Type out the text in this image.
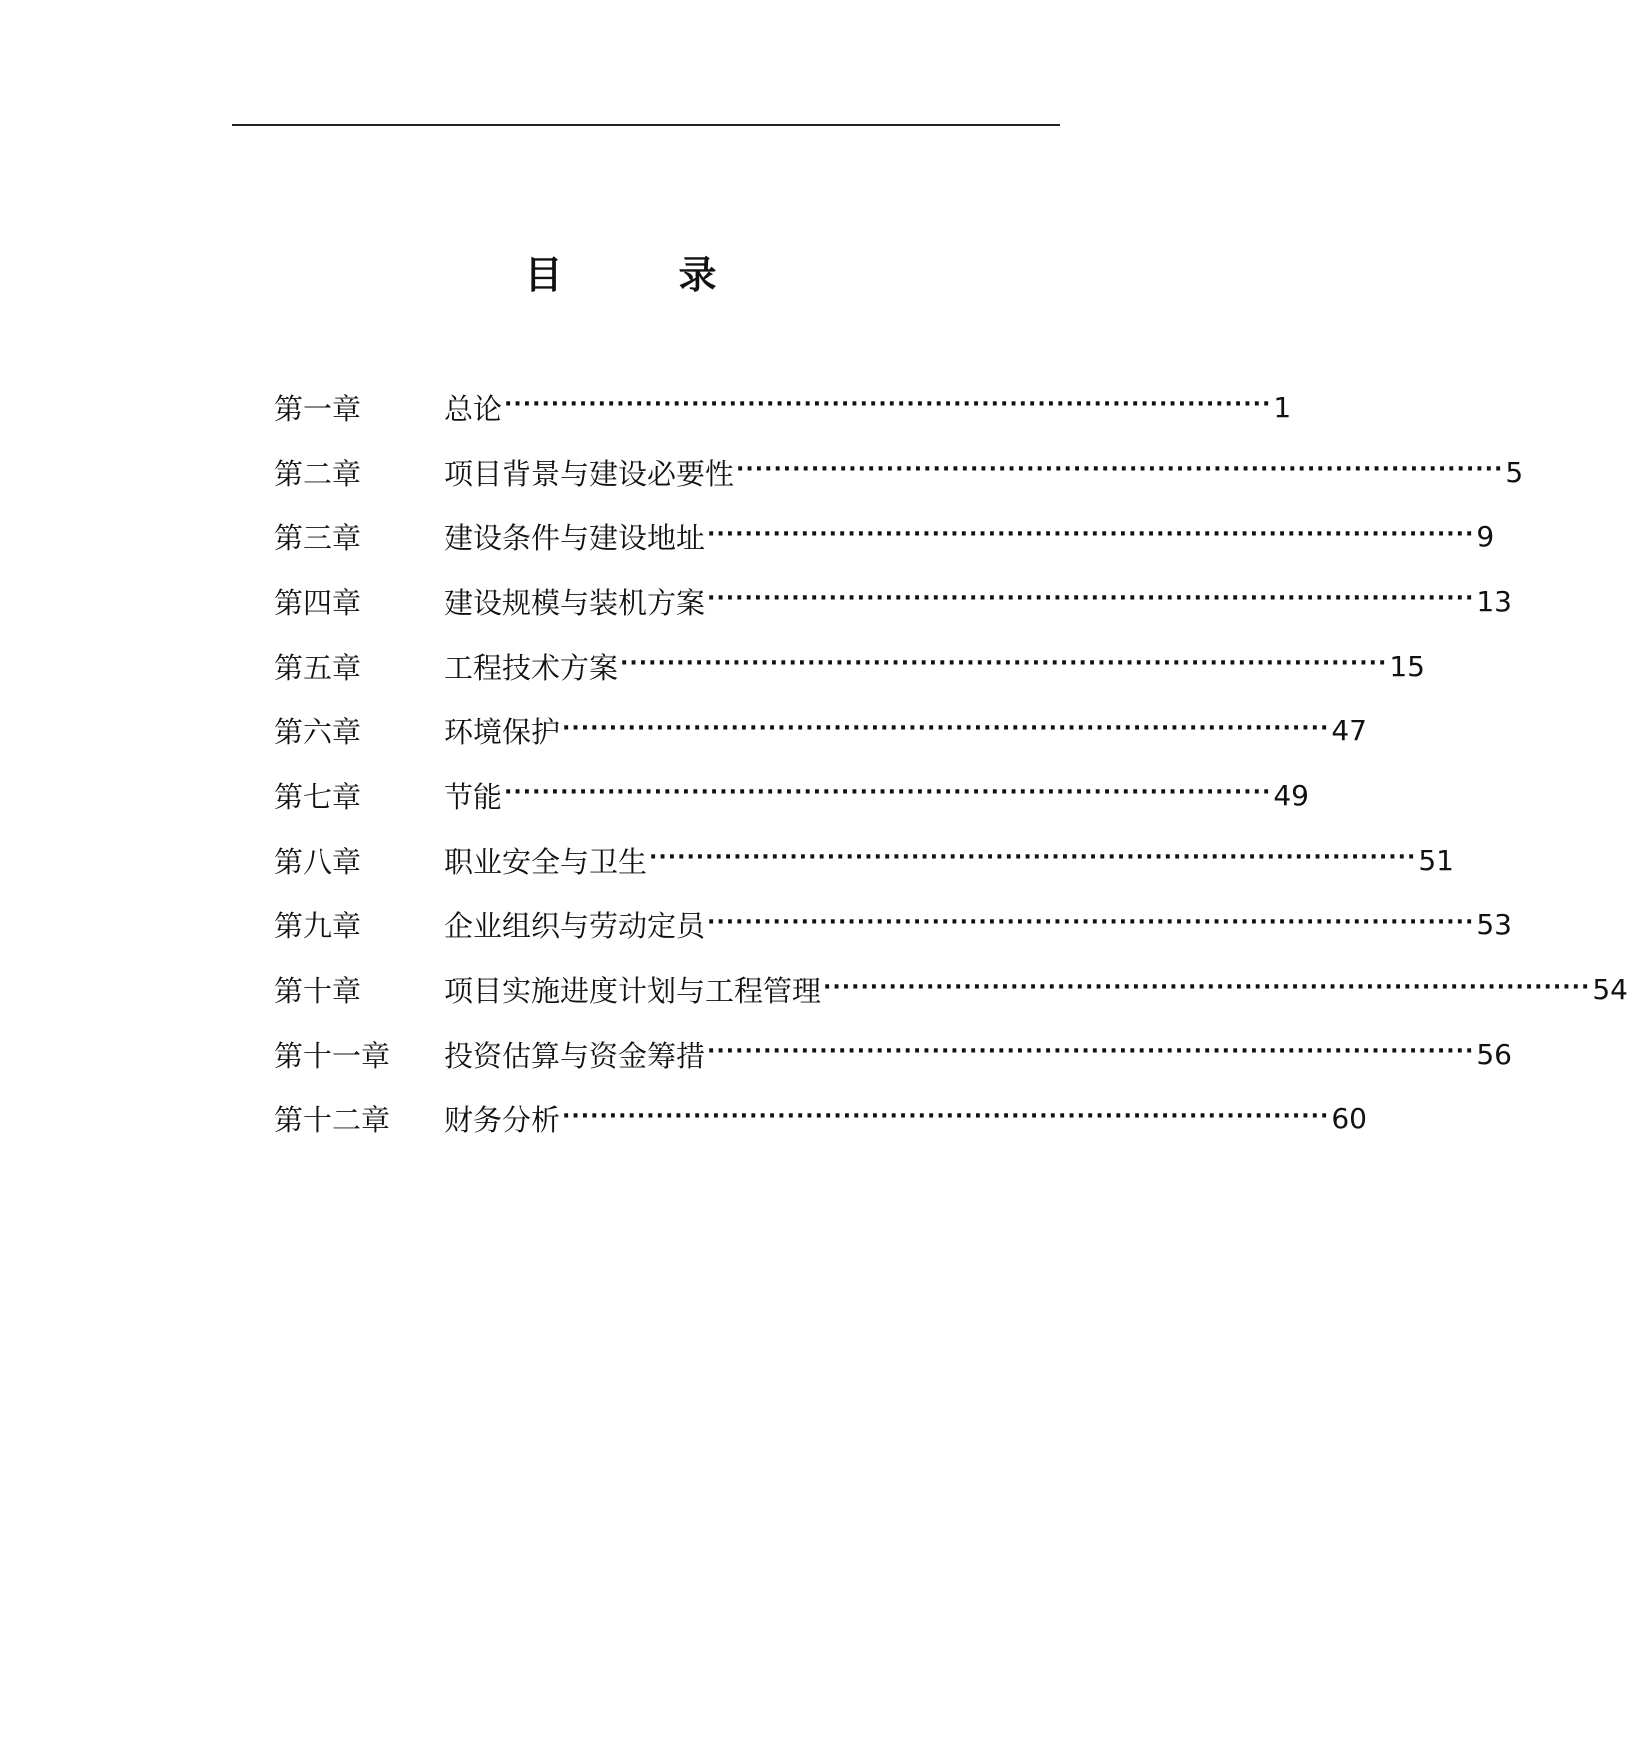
目	录
第一章	总论 ·················································································· 1
第二章	项目背景与建设必要性 ·················································································· 5
第三章	建设条件与建设地址 ·················································································· 9
第四章	建设规模与装机方案 ·················································································· 13
第五章	工程技术方案 ·················································································· 15
第六章	环境保护 ·················································································· 47
第七章	节能 ·················································································· 49
第八章	职业安全与卫生 ·················································································· 51
第九章	企业组织与劳动定员 ·················································································· 53
第十章	项目实施进度计划与工程管理 ·················································································· 54
第十一章	投资估算与资金筹措 ·················································································· 56
第十二章	财务分析 ·················································································· 60
